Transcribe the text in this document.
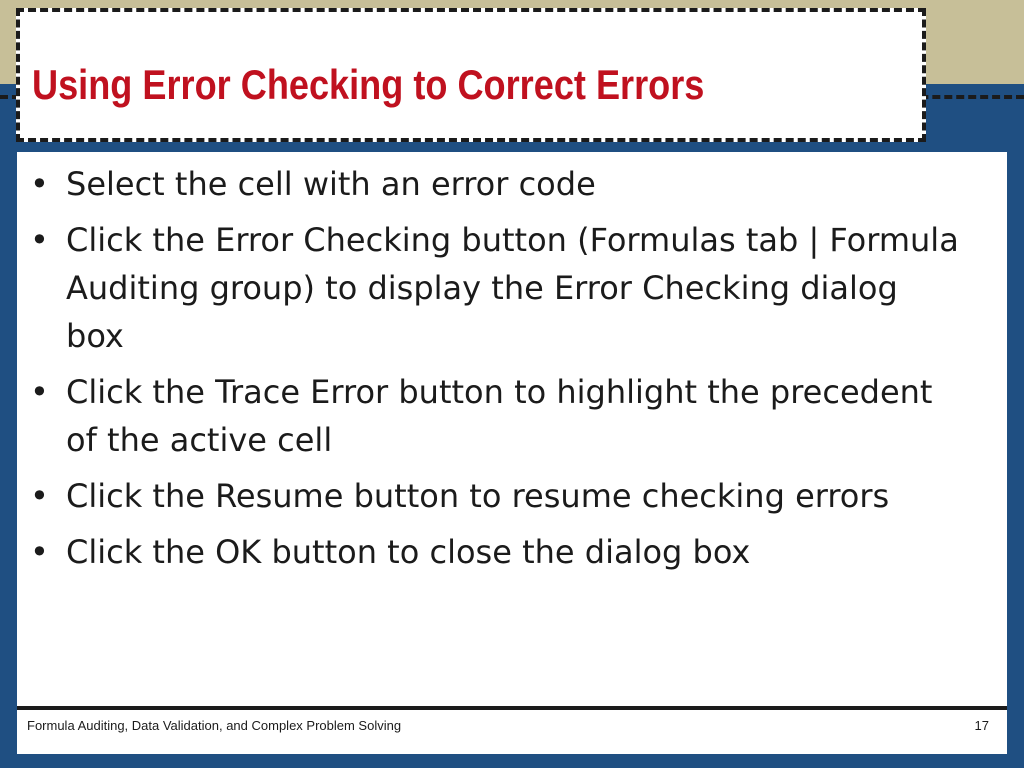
Using Error Checking to Correct Errors
• Select the cell with an error code
• Click the Error Checking button (Formulas tab | Formula Auditing group) to display the Error Checking dialog box
• Click the Trace Error button to highlight the precedent of the active cell
• Click the Resume button to resume checking errors
• Click the OK button to close the dialog box
Formula Auditing, Data Validation, and Complex Problem Solving	17
